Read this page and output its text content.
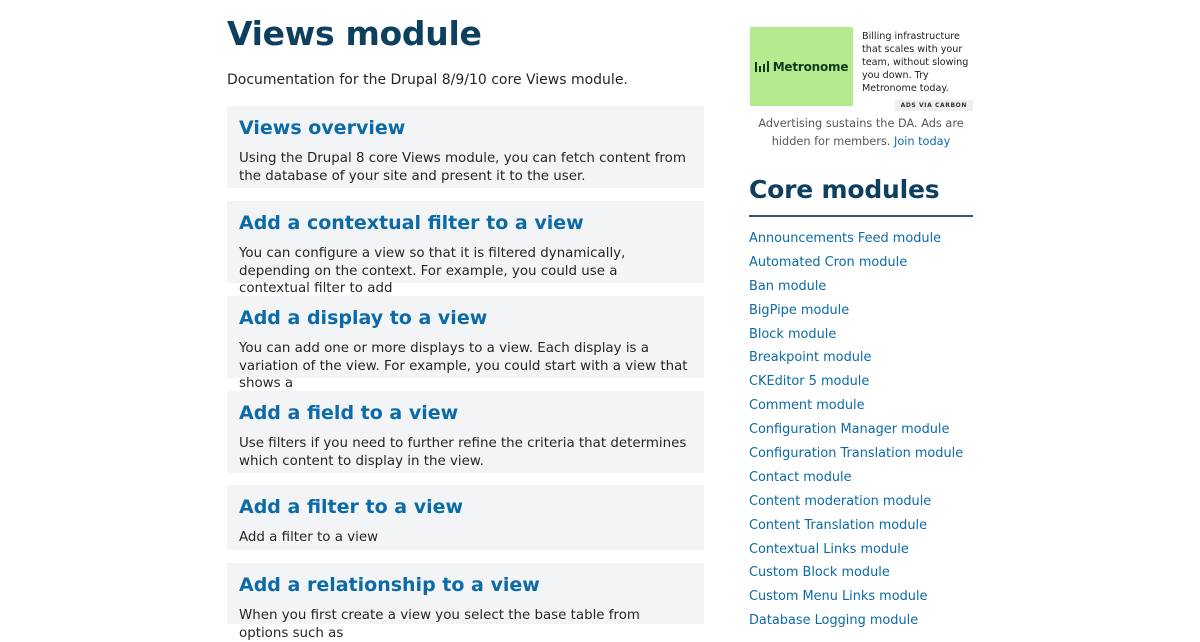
Views module

Documentation for the Drupal 8/9/10 core Views module.

Views overview

Using the Drupal 8 core Views module, you can fetch content from the database of your site and present it to the user.

Add a contextual filter to a view

You can configure a view so that it is filtered dynamically, depending on the context. For example, you could use a contextual filter to add

Add a display to a view

You can add one or more displays to a view. Each display is a variation of the view. For example, you could start with a view that shows a

Add a field to a view

Use filters if you need to further refine the criteria that determines which content to display in the view.

Add a filter to a view

Add a filter to a view

Add a relationship to a view

When you first create a view you select the base table from options such as

Metronome

Billing infrastructure that scales with your team, without slowing you down. Try Metronome today.

ADS VIA CARBON

Advertising sustains the DA. Ads are hidden for members. Join today

Core modules
Announcements Feed module
Automated Cron module
Ban module
BigPipe module
Block module
Breakpoint module
CKEditor 5 module
Comment module
Configuration Manager module
Configuration Translation module
Contact module
Content moderation module
Content Translation module
Contextual Links module
Custom Block module
Custom Menu Links module
Database Logging module
